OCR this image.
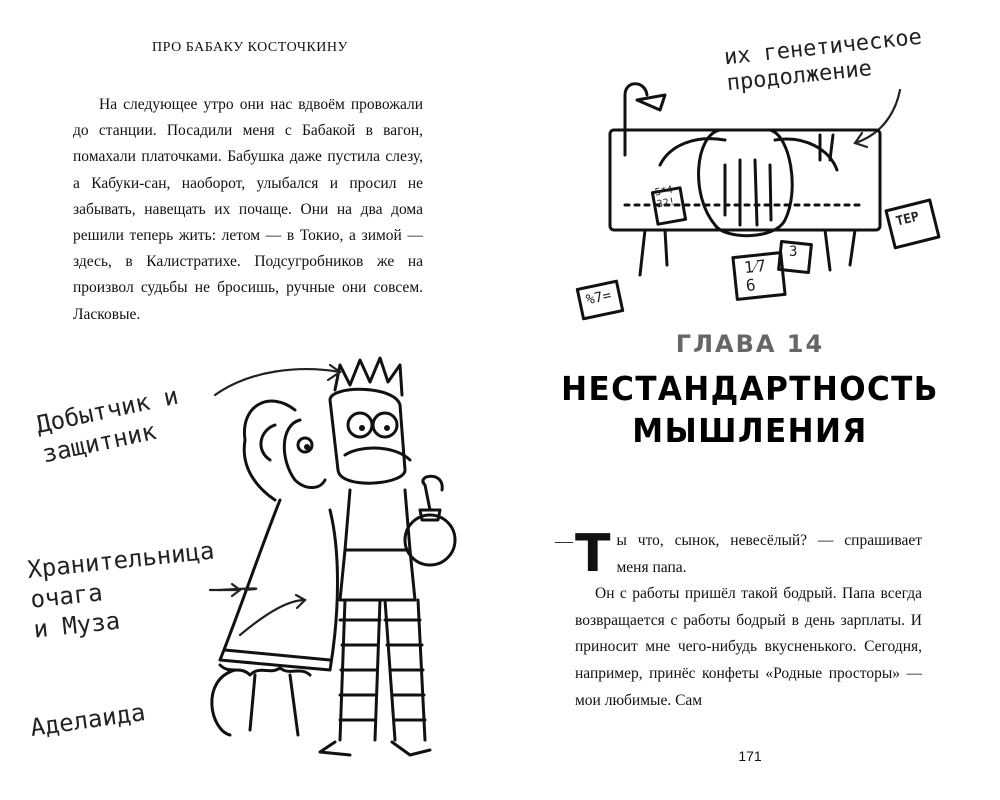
ПРО БАБАКУ КОСТОЧКИНУ

На следующее утро они нас вдвоём провожали до станции. Посадили меня с Бабакой в вагон, помахали платочками. Бабушка даже пустила слезу, а Кабуки-сан, наоборот, улыбался и просил не забывать, навещать их почаще. Они на два дома решили теперь жить: летом — в Токио, а зимой — здесь, в Калистратихе. Подсугробников же на произвол судьбы не бросишь, ручные они совсем. Ласковые.

Добытчик и
защитник
Хранительница
очага
и Муза
Аделаида
их генетическое
продолжение
5*4
32!
%7=
1⁄7
6
3
ТЕР
ГЛАВА 14
НЕСТАНДАРТНОСТЬ
МЫШЛЕНИЯ
— Ты что, сынок, невесёлый? — спрашивает меня папа.

Он с работы пришёл такой бодрый. Папа всегда возвращается с работы бодрый в день зарплаты. И приносит мне чего-нибудь вкусненького. Сегодня, например, принёс конфеты «Родные просторы» — мои любимые. Сам

171
